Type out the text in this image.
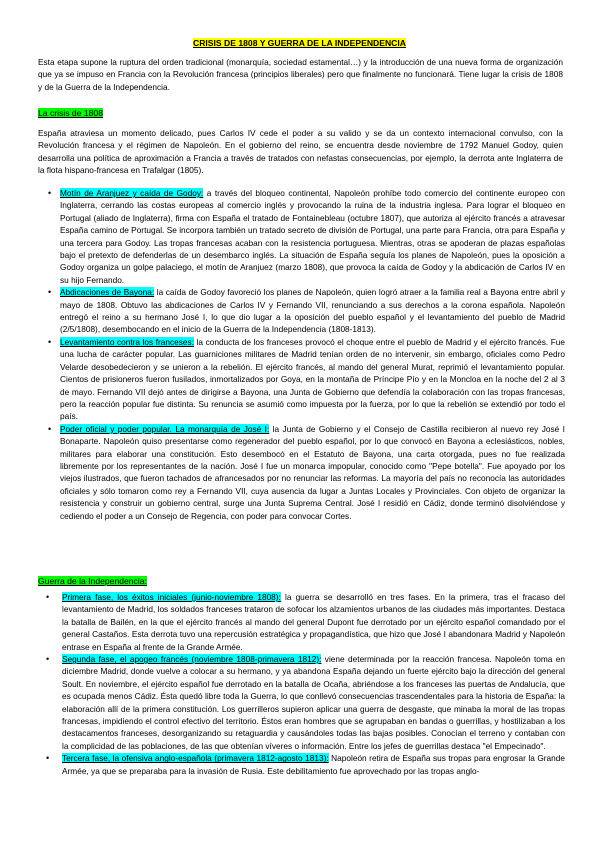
CRISIS DE 1808 Y GUERRA DE LA INDEPENDENCIA

Esta etapa supone la ruptura del orden tradicional (monarquía, sociedad estamental…) y la introducción de una nueva forma de organización que ya se impuso en Francia con la Revolución francesa (principios liberales) pero que finalmente no funcionará. Tiene lugar la crisis de 1808 y de la Guerra de la Independencia.

La crisis de 1808

España atraviesa un momento delicado, pues Carlos IV cede el poder a su valido y se da un contexto internacional convulso, con la Revolución francesa y el régimen de Napoleón. En el gobierno del reino, se encuentra desde noviembre de 1792 Manuel Godoy, quien desarrolla una política de aproximación a Francia a través de tratados con nefastas consecuencias, por ejemplo, la derrota ante Inglaterra de la flota hispano-francesa en Trafalgar (1805).

• Motín de Aranjuez y caída de Godoy: a través del bloqueo continental, Napoleón prohíbe todo comercio del continente europeo con Inglaterra, cerrando las costas europeas al comercio inglés y provocando la ruina de la industria inglesa. Para lograr el bloqueo en Portugal (aliado de Inglaterra), firma con España el tratado de Fontainebleau (octubre 1807), que autoriza al ejército francés a atravesar España camino de Portugal. Se incorpora también un tratado secreto de división de Portugal, una parte para Francia, otra para España y una tercera para Godoy. Las tropas francesas acaban con la resistencia portuguesa. Mientras, otras se apoderan de plazas españolas bajo el pretexto de defenderlas de un desembarco inglés. La situación de España seguía los planes de Napoleón, pues la oposición a Godoy organiza un golpe palaciego, el motín de Aranjuez (marzo 1808), que provoca la caída de Godoy y la abdicación de Carlos IV en su hijo Fernando.

• Abdicaciones de Bayona: la caída de Godoy favoreció los planes de Napoleón, quien logró atraer a la familia real a Bayona entre abril y mayo de 1808. Obtuvo las abdicaciones de Carlos IV y Fernando VII, renunciando a sus derechos a la corona española. Napoleón entregó el reino a su hermano José I, lo que dio lugar a la oposición del pueblo español y el levantamiento del pueblo de Madrid (2/5/1808), desembocando en el inicio de la Guerra de la Independencia (1808-1813).

• Levantamiento contra los franceses: la conducta de los franceses provocó el choque entre el pueblo de Madrid y el ejército francés. Fue una lucha de carácter popular. Las guarniciones militares de Madrid tenían orden de no intervenir, sin embargo, oficiales como Pedro Velarde desobedecieron y se unieron a la rebelión. El ejército francés, al mando del general Murat, reprimió el levantamiento popular. Cientos de prisioneros fueron fusilados, inmortalizados por Goya, en la montaña de Príncipe Pío y en la Moncloa en la noche del 2 al 3 de mayo. Fernando VII dejó antes de dirigirse a Bayona, una Junta de Gobierno que defendía la colaboración con las tropas francesas, pero la reacción popular fue distinta. Su renuncia se asumió como impuesta por la fuerza, por lo que la rebelión se extendió por todo el país.

• Poder oficial y poder popular. La monarquía de José I: la Junta de Gobierno y el Consejo de Castilla recibieron al nuevo rey José I Bonaparte. Napoleón quiso presentarse como regenerador del pueblo español, por lo que convocó en Bayona a eclesiásticos, nobles, militares para elaborar una constitución. Esto desembocó en el Estatuto de Bayona, una carta otorgada, pues no fue realizada libremente por los representantes de la nación. José I fue un monarca impopular, conocido como "Pepe botella". Fue apoyado por los viejos ilustrados, que fueron tachados de afrancesados por no renunciar las reformas. La mayoría del país no reconocía las autoridades oficiales y sólo tomaron como rey a Fernando VII, cuya ausencia da lugar a Juntas Locales y Provinciales. Con objeto de organizar la resistencia y construir un gobierno central, surge una Junta Suprema Central. José I residió en Cádiz, donde terminó disolviéndose y cediendo el poder a un Consejo de Regencia, con poder para convocar Cortes.

Guerra de la Independencia:
• Primera fase, los éxitos iniciales (junio-noviembre 1808): la guerra se desarrolló en tres fases. En la primera, tras el fracaso del levantamiento de Madrid, los soldados franceses trataron de sofocar los alzamientos urbanos de las ciudades más importantes. Destaca la batalla de Bailén, en la que el ejército francés al mando del general Dupont fue derrotado por un ejército español comandado por el general Castaños. Esta derrota tuvo una repercusión estratégica y propagandística, que hizo que José I abandonara Madrid y Napoleón entrase en España al frente de la Grande Armée.

• Segunda fase, el apogeo francés (noviembre 1808-primavera 1812): viene determinada por la reacción francesa. Napoleón toma en diciembre Madrid, donde vuelve a colocar a su hermano, y ya abandona España dejando un fuerte ejército bajo la dirección del general Soult. En noviembre, el ejército español fue derrotado en la batalla de Ocaña, abriéndose a los franceses las puertas de Andalucía, que es ocupada menos Cádiz. Ésta quedó libre toda la Guerra, lo que conllevó consecuencias trascendentales para la historia de España: la elaboración allí de la primera constitución. Los guerrilleros supieron aplicar una guerra de desgaste, que minaba la moral de las tropas francesas, impidiendo el control efectivo del territorio. Éstos eran hombres que se agrupaban en bandas o guerrillas, y hostilizaban a los destacamentos franceses, desorganizando su retaguardia y causándoles todas las bajas posibles. Conocían el terreno y contaban con la complicidad de las poblaciones, de las que obtenían víveres o información. Entre los jefes de guerrillas destaca "el Empecinado".

• Tercera fase, la ofensiva anglo-española (primavera 1812-agosto 1813): Napoleón retira de España sus tropas para engrosar la Grande Armée, ya que se preparaba para la invasión de Rusia. Este debilitamiento fue aprovechado por las tropas anglo-
